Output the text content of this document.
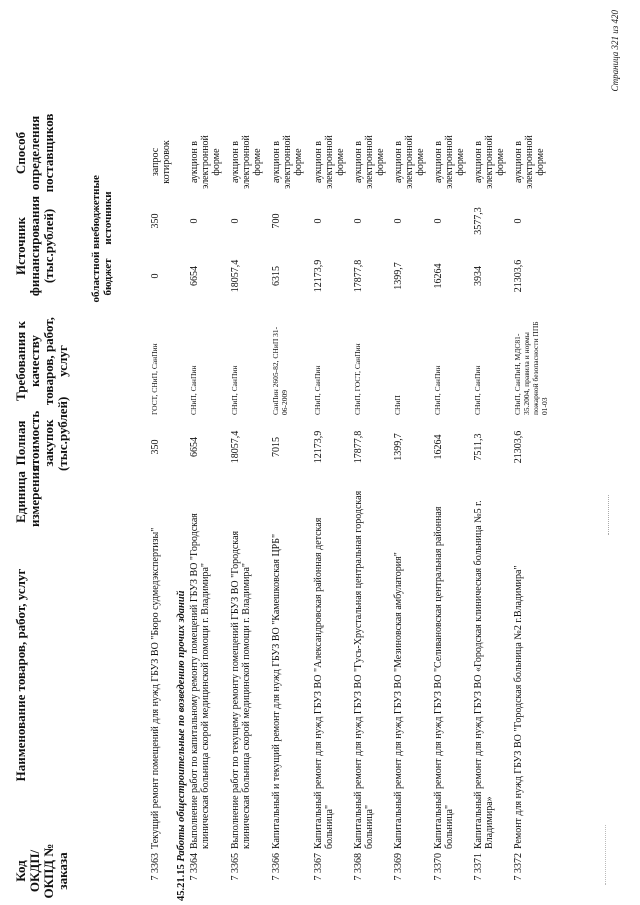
Код ОКДП/ ОКПД № заказа
Наименование товаров, работ, услуг
Единица измерения
Полная стоимость закупок (тыс.рублей)
Требования к качеству товаров, работ, услуг
Источник финансирования (тыс.рублей)	областной бюджет
внебюджетные источники
Способ определения поставщиков
7 3363
Текущий ремонт помещений для нужд ГБУЗ ВО "Бюро судмедэкспертизы"
350
ГОСТ, СНиП, СанПин
0
350
запрос котировок
45.21.15 Работы общестроительные по возведению прочих зданий
7 3364
Выполнение работ по капитальному ремонту помещений ГБУЗ ВО "Городская клиническая больница скорой медицинской помощи г. Владимира"
6654
СНиП, СанПин
6654
0
аукцион в электронной форме
7 3365
Выполнение работ по текущему ремонту помещений ГБУЗ ВО "Городская клиническая больница скорой медицинской помощи г. Владимира"
18057,4
СНиП, СанПин
18057,4
0
аукцион в электронной форме
7 3366
Капитальный и текущий ремонт для нужд ГБУЗ ВО "Камешковская ЦРБ"
7015
СанПин 2605-82, СНиП 31-06-2009
6315
700
аукцион в электронной форме
7 3367
Капитальный ремонт для нужд ГБУЗ ВО "Александровская районная детская больница"
12173,9
СНиП, СанПин
12173,9
0
аукцион в электронной форме
7 3368
Капитальный ремонт для нужд ГБУЗ ВО "Гусь-Хрустальная центральная городская больница"
17877,8
СНиП, ГОСТ, СанПин
17877,8
0
аукцион в электронной форме
7 3369
Капитальный ремонт для нужд ГБУЗ ВО "Мезиновская амбулатория"
1399,7
СНиП
1399,7
0
аукцион в электронной форме
7 3370
Капитальный ремонт для нужд ГБУЗ ВО "Селивановская центральная районная больница"
16264
СНиП, СанПин
16264
0
аукцион в электронной форме
7 3371
Капитальный ремонт для нужд ГБУЗ ВО «Городская клиническая больница №5 г. Владимира»
7511,3
СНиП, СанПин
3934
3577,3
аукцион в электронной форме
7 3372
Ремонт для нужд ГБУЗ ВО "Городская больница №2 г.Владимира"
21303,6
СНиП, СанПиН, МДС81-35.2004, правила и нормы пожарной безопасности ППБ 01-03
21303,6
0
аукцион в электронной форме
Страница 321 из 420
